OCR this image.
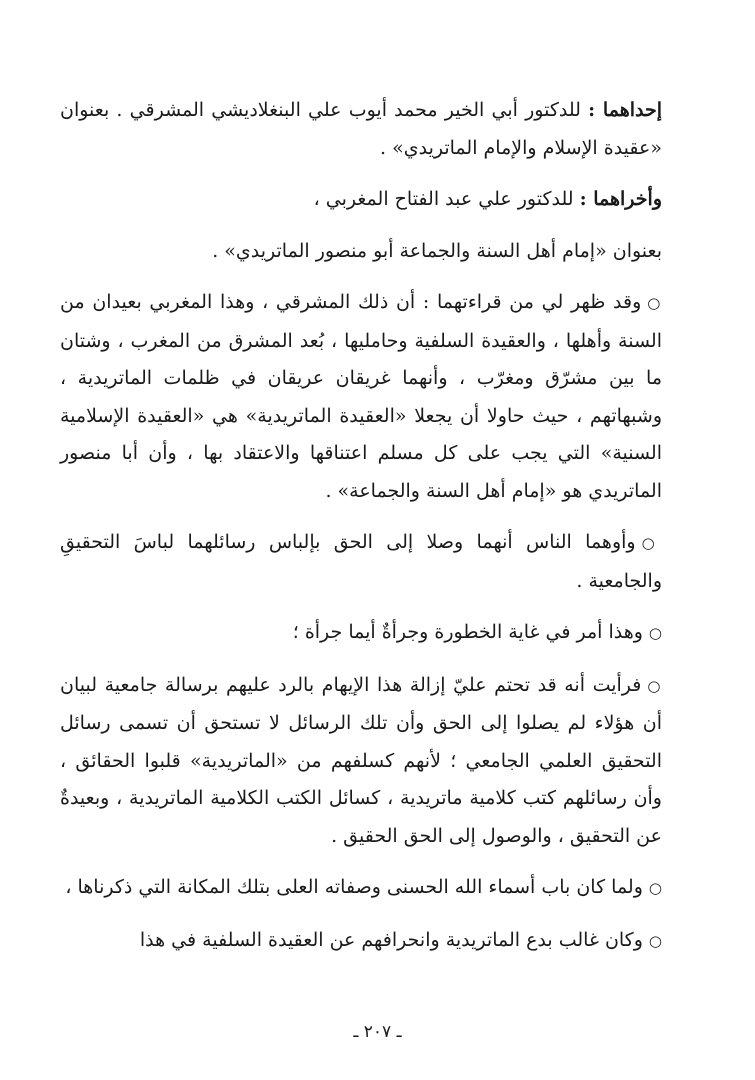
إحداهما : للدكتور أبي الخير محمد أيوب علي البنغلاديشي المشرقي . بعنوان «عقيدة الإسلام والإمام الماتريدي» .

وأخراهما : للدكتور علي عبد الفتاح المغربي ،

بعنوان «إمام أهل السنة والجماعة أبو منصور الماتريدي» .

○وقد ظهر لي من قراءتهما : أن ذلك المشرقي ، وهذا المغربي بعيدان من السنة وأهلها ، والعقيدة السلفية وحامليها ، بُعد المشرق من المغرب ، وشتان ما بين مشرّق ومغرّب ، وأنهما غريقان عريقان في ظلمات الماتريدية ، وشبهاتهم ، حيث حاولا أن يجعلا «العقيدة الماتريدية» هي «العقيدة الإسلامية السنية» التي يجب على كل مسلم اعتناقها والاعتقاد بها ، وأن أبا منصور الماتريدي هو «إمام أهل السنة والجماعة» .

○وأوهما الناس أنهما وصلا إلى الحق بإلباس رسائلهما لباسَ التحقيقِ والجامعية .

○وهذا أمر في غاية الخطورة وجرأةٌ أيما جرأة ؛

○فرأيت أنه قد تحتم عليّ إزالة هذا الإيهام بالرد عليهم برسالة جامعية لبيان أن هؤلاء لم يصلوا إلى الحق وأن تلك الرسائل لا تستحق أن تسمى رسائل التحقيق العلمي الجامعي ؛ لأنهم كسلفهم من «الماتريدية» قلبوا الحقائق ، وأن رسائلهم كتب كلامية ماتريدية ، كسائل الكتب الكلامية الماتريدية ، وبعيدةٌ عن التحقيق ، والوصول إلى الحق الحقيق .

○ولما كان باب أسماء الله الحسنى وصفاته العلى بتلك المكانة التي ذكرناها ،

○وكان غالب بدع الماتريدية وانحرافهم عن العقيدة السلفية في هذا

ـ ٢٠٧ ـ
